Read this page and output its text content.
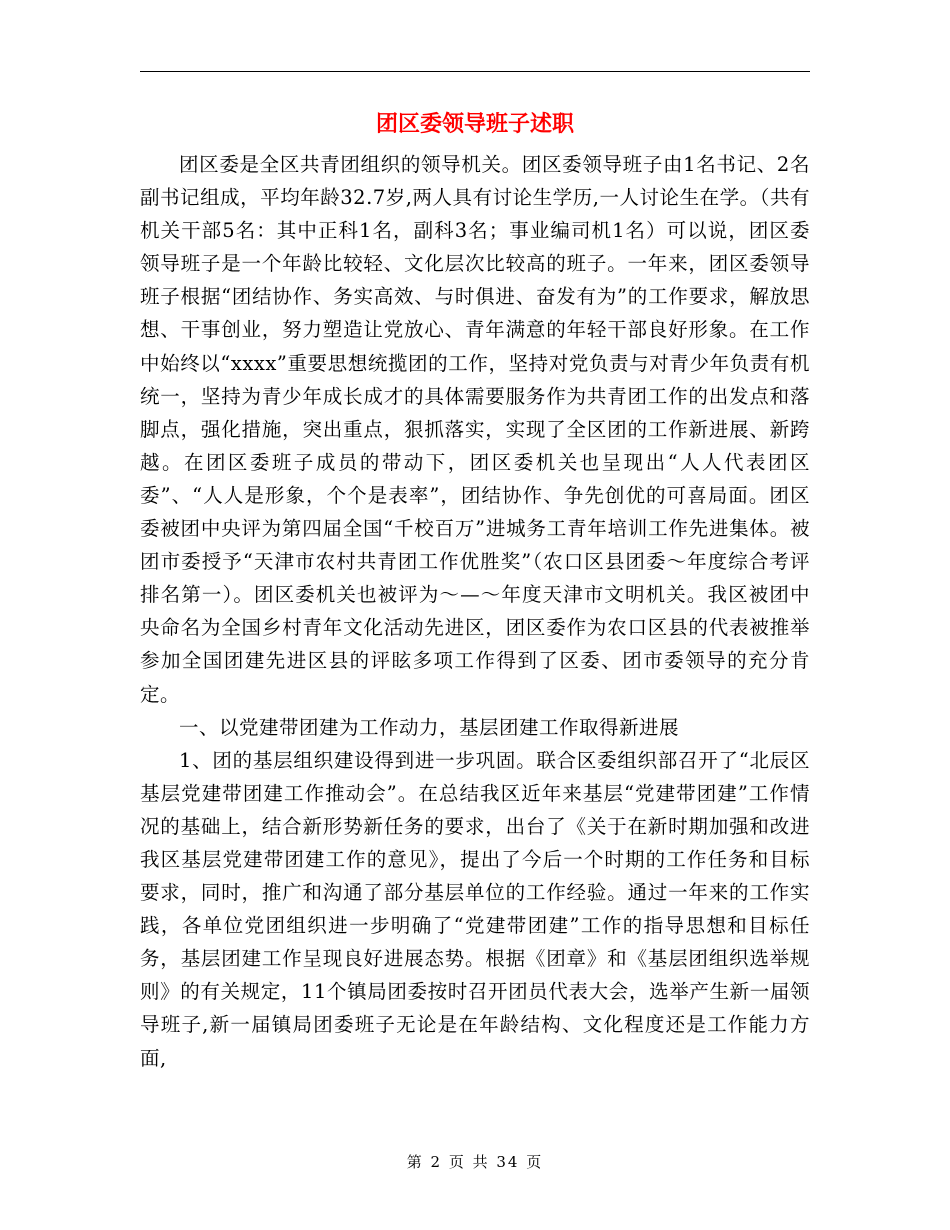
团区委领导班子述职

团区委是全区共青团组织的领导机关。团区委领导班子由1名书记、2名副书记组成，平均年龄32.7岁,两人具有讨论生学历,一人讨论生在学。（共有机关干部5名：其中正科1名，副科3名；事业编司机1名）可以说，团区委领导班子是一个年龄比较轻、文化层次比较高的班子。一年来，团区委领导班子根据“团结协作、务实高效、与时俱进、奋发有为”的工作要求，解放思想、干事创业，努力塑造让党放心、青年满意的年轻干部良好形象。在工作中始终以“xxxx”重要思想统揽团的工作，坚持对党负责与对青少年负责有机统一，坚持为青少年成长成才的具体需要服务作为共青团工作的出发点和落脚点，强化措施，突出重点，狠抓落实，实现了全区团的工作新进展、新跨越。在团区委班子成员的带动下，团区委机关也呈现出“人人代表团区委”、“人人是形象，个个是表率”，团结协作、争先创优的可喜局面。团区委被团中央评为第四届全国“千校百万”进城务工青年培训工作先进集体。被团市委授予“天津市农村共青团工作优胜奖”（农口区县团委～年度综合考评排名第一）。团区委机关也被评为～—～年度天津市文明机关。我区被团中央命名为全国乡村青年文化活动先进区，团区委作为农口区县的代表被推举参加全国团建先进区县的评眩多项工作得到了区委、团市委领导的充分肯定。

一、以党建带团建为工作动力，基层团建工作取得新进展

1、团的基层组织建设得到进一步巩固。联合区委组织部召开了“北辰区基层党建带团建工作推动会”。在总结我区近年来基层“党建带团建”工作情况的基础上，结合新形势新任务的要求，出台了《关于在新时期加强和改进我区基层党建带团建工作的意见》，提出了今后一个时期的工作任务和目标要求，同时，推广和沟通了部分基层单位的工作经验。通过一年来的工作实践，各单位党团组织进一步明确了“党建带团建”工作的指导思想和目标任务，基层团建工作呈现良好进展态势。根据《团章》和《基层团组织选举规则》的有关规定，11个镇局团委按时召开团员代表大会，选举产生新一届领导班子,新一届镇局团委班子无论是在年龄结构、文化程度还是工作能力方面,

第 2 页 共 34 页
